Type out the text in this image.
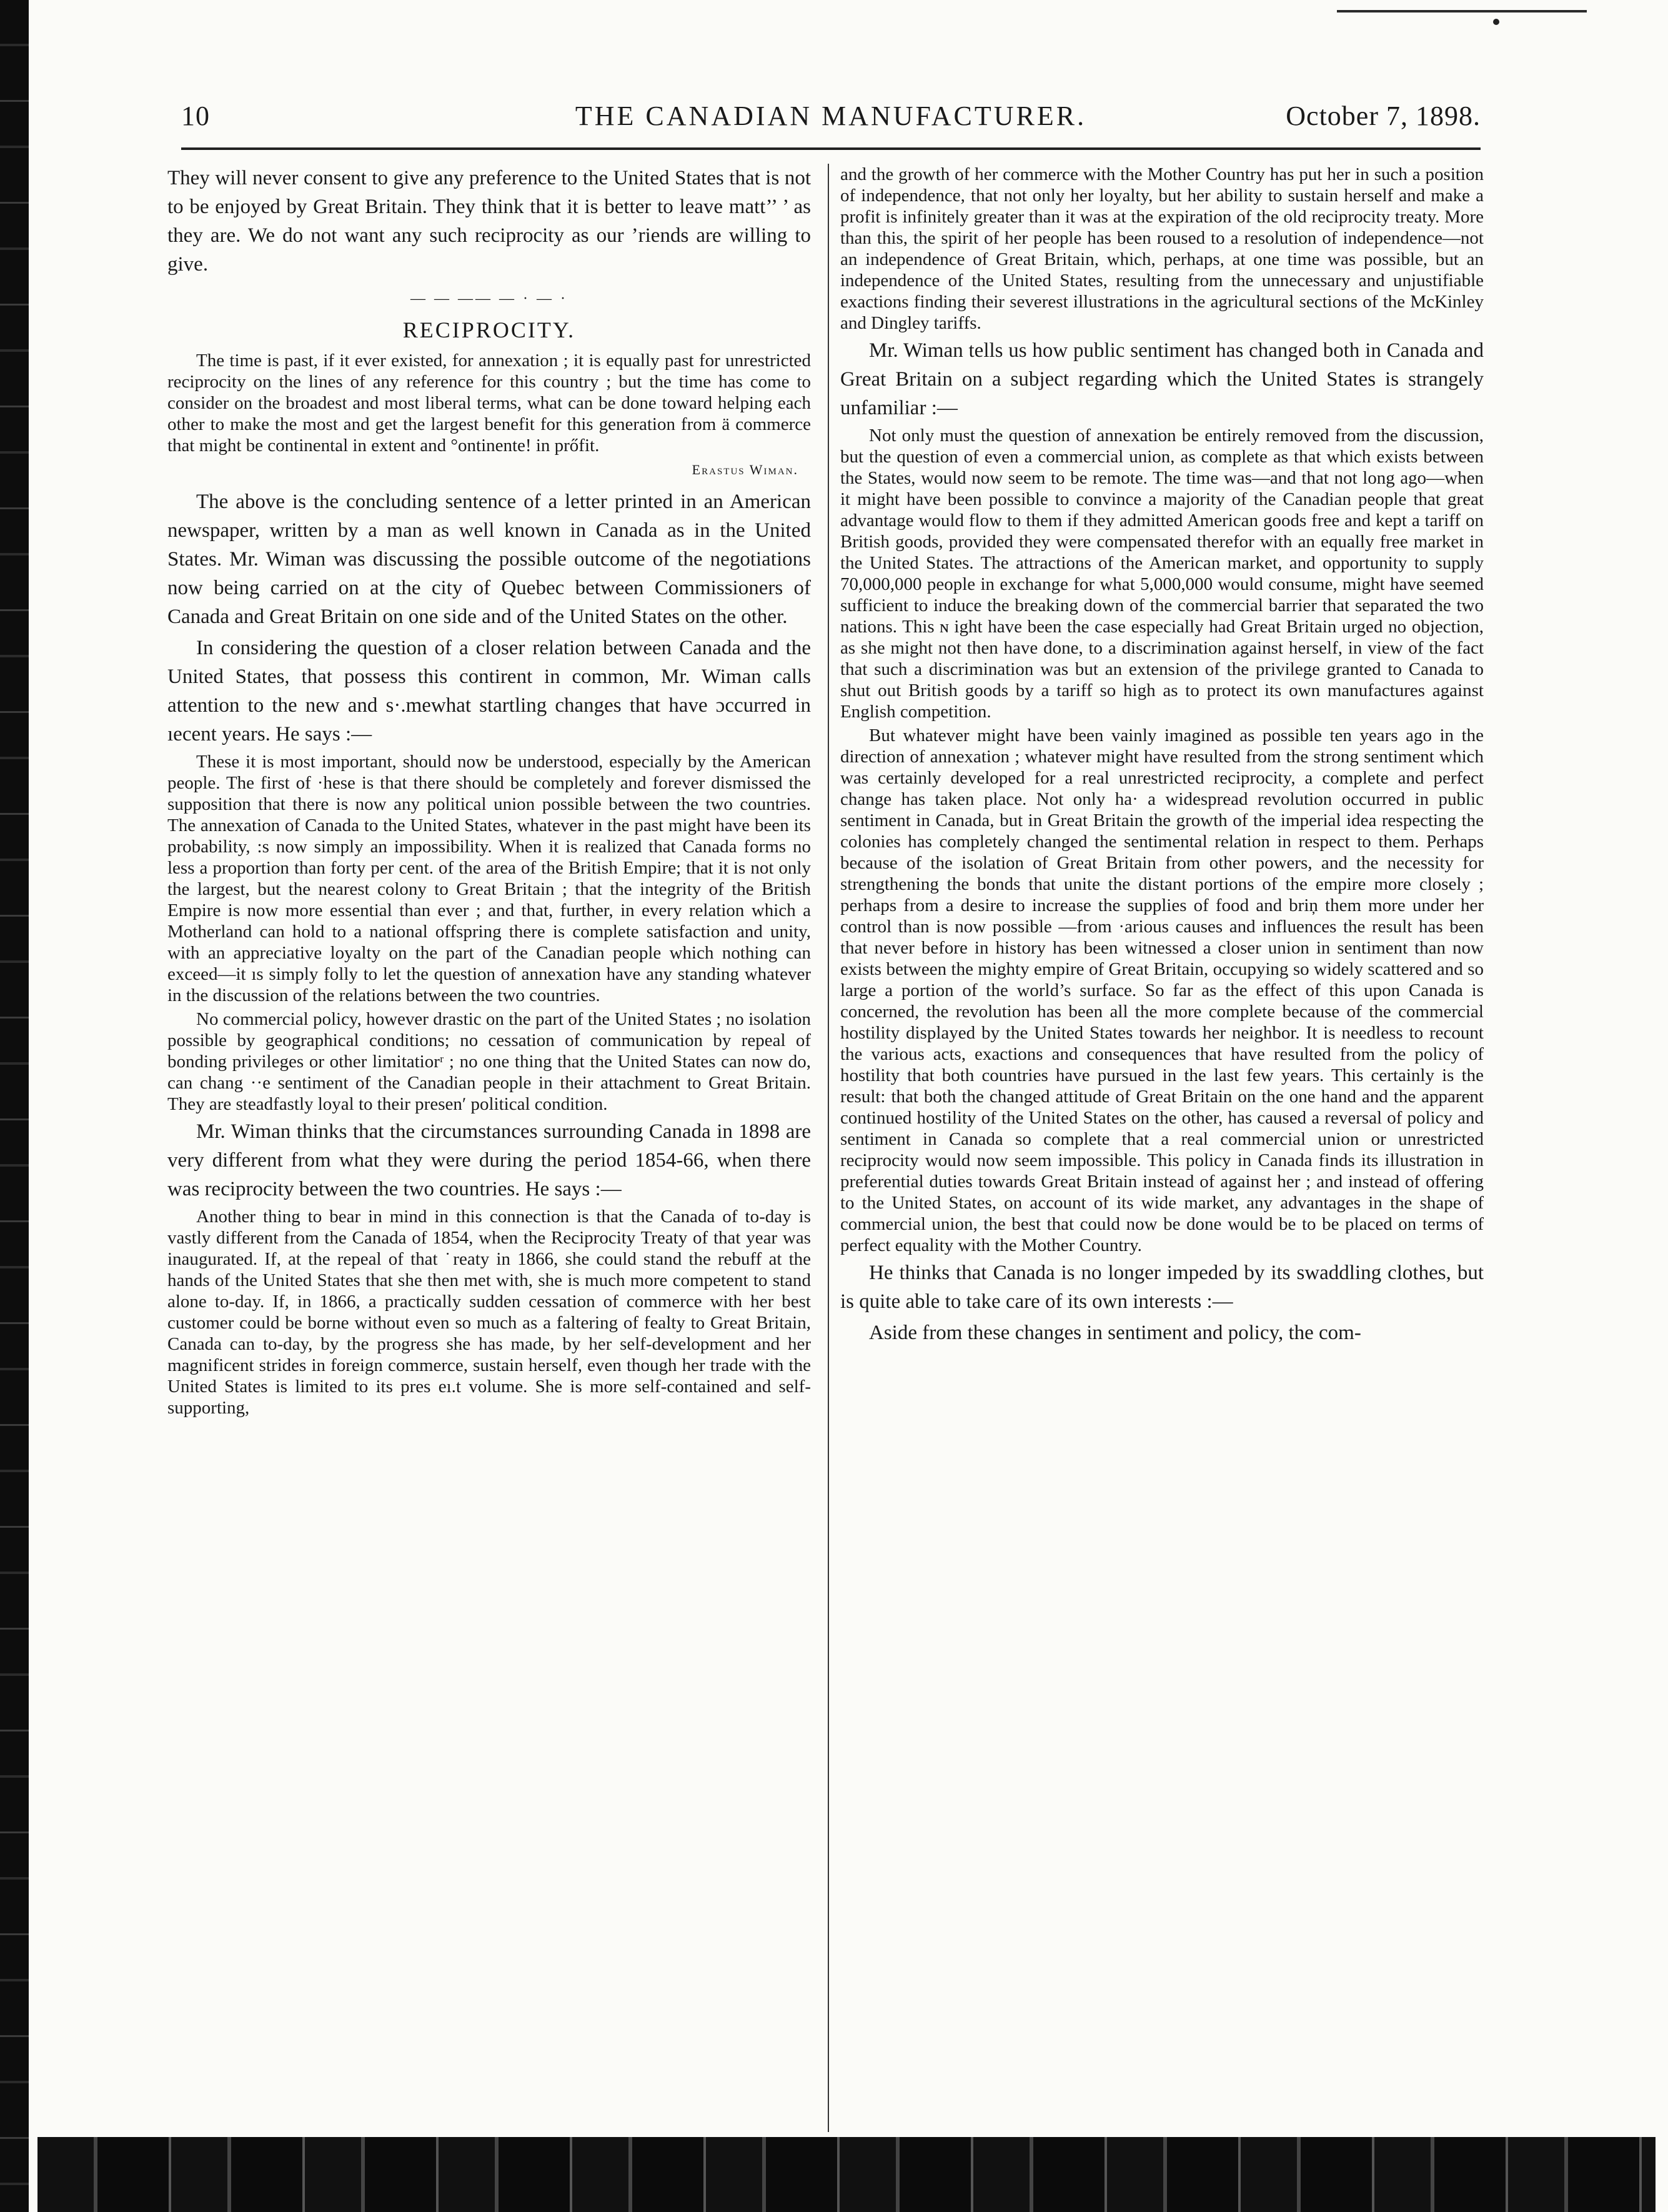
10	THE CANADIAN MANUFACTURER.	October 7, 1898.

They will never consent to give any preference to the United States that is not to be enjoyed by Great Britain. They think that it is better to leave matt’’ ’ as they are. We do not want any such reciprocity as our ’riends are willing to give.

— — —— — · — ·
RECIPROCITY.

The time is past, if it ever existed, for annexation ; it is equally past for unrestricted reciprocity on the lines of any reference for this country ; but the time has come to consider on the broadest and most liberal terms, what can be done toward helping each other to make the most and get the largest benefit for this generation from ä commerce that might be continental in extent and °ontinente! in prőfit.

Erastus Wiman.

The above is the concluding sentence of a letter printed in an American newspaper, written by a man as well known in Canada as in the United States. Mr. Wiman was discussing the possible outcome of the negotiations now being carried on at the city of Quebec between Commissioners of Canada and Great Britain on one side and of the United States on the other.

In considering the question of a closer relation between Canada and the United States, that possess this contirent in common, Mr. Wiman calls attention to the new and s·.mewhat startling changes that have ɔccurred in ıecent years. He says :—

These it is most important, should now be understood, especially by the American people. The first of ·hese is that there should be completely and forever dismissed the supposition that there is now any political union possible between the two countries. The annexation of Canada to the United States, whatever in the past might have been its probability, :s now simply an impossibility. When it is realized that Canada forms no less a proportion than forty per cent. of the area of the British Empire; that it is not only the largest, but the nearest colony to Great Britain ; that the integrity of the British Empire is now more essential than ever ; and that, further, in every relation which a Motherland can hold to a national offspring there is complete satisfaction and unity, with an appreciative loyalty on the part of the Canadian people which nothing can exceed—it ıs simply folly to let the question of annexation have any standing whatever in the discussion of the relations between the two countries.

No commercial policy, however drastic on the part of the United States ; no isolation possible by geographical conditions; no cessation of communication by repeal of bonding privileges or other limitatiorʳ ; no one thing that the United States can now do, can chang ··e sentiment of the Canadian people in their attachment to Great Britain. They are steadfastly loyal to their presenʹ political condition.

Mr. Wiman thinks that the circumstances surrounding Canada in 1898 are very different from what they were during the period 1854-66, when there was reciprocity between the two countries. He says :—

Another thing to bear in mind in this connection is that the Canada of to-day is vastly different from the Canada of 1854, when the Reciprocity Treaty of that year was inaugurated. If, at the repeal of that ˙reaty in 1866, she could stand the rebuff at the hands of the United States that she then met with, she is much more competent to stand alone to-day. If, in 1866, a practically sudden cessation of commerce with her best customer could be borne without even so much as a faltering of fealty to Great Britain, Canada can to-day, by the progress she has made, by her self-development and her magnificent strides in foreign commerce, sustain herself, even though her trade with the United States is limited to its pres eı.t volume. She is more self-contained and self-supporting,

and the growth of her commerce with the Mother Country has put her in such a position of independence, that not only her loyalty, but her ability to sustain herself and make a profit is infinitely greater than it was at the expiration of the old reciprocity treaty. More than this, the spirit of her people has been roused to a resolution of independence—not an independence of Great Britain, which, perhaps, at one time was possible, but an independence of the United States, resulting from the unnecessary and unjustifiable exactions finding their severest illustrations in the agricultural sections of the McKinley and Dingley tariffs.

Mr. Wiman tells us how public sentiment has changed both in Canada and Great Britain on a subject regarding which the United States is strangely unfamiliar :—

Not only must the question of annexation be entirely removed from the discussion, but the question of even a commercial union, as complete as that which exists between the States, would now seem to be remote. The time was—and that not long ago—when it might have been possible to convince a majority of the Canadian people that great advantage would flow to them if they admitted American goods free and kept a tariff on British goods, provided they were compensated therefor with an equally free market in the United States. The attractions of the American market, and opportunity to supply 70,000,000 people in exchange for what 5,000,000 would consume, might have seemed sufficient to induce the breaking down of the commercial barrier that separated the two nations. This ɴ ight have been the case especially had Great Britain urged no objection, as she might not then have done, to a discrimination against herself, in view of the fact that such a discrimination was but an extension of the privilege granted to Canada to shut out British goods by a tariff so high as to protect its own manufactures against English competition.

But whatever might have been vainly imagined as possible ten years ago in the direction of annexation ; whatever might have resulted from the strong sentiment which was certainly developed for a real unrestricted reciprocity, a complete and perfect change has taken place. Not only ha· a widespread revolution occurred in public sentiment in Canada, but in Great Britain the growth of the imperial idea respecting the colonies has completely changed the sentimental relation in respect to them. Perhaps because of the isolation of Great Britain from other powers, and the necessity for strengthening the bonds that unite the distant portions of the empire more closely ; perhaps from a desire to increase the supplies of food and briņ them more under her control than is now possible —from ·arious causes and influences the result has been that never before in history has been witnessed a closer union in sentiment than now exists between the mighty empire of Great Britain, occupying so widely scattered and so large a portion of the world’s surface. So far as the effect of this upon Canada is concerned, the revolution has been all the more complete because of the commercial hostility displayed by the United States towards her neighbor. It is needless to recount the various acts, exactions and consequences that have resulted from the policy of hostility that both countries have pursued in the last few years. This certainly is the result: that both the changed attitude of Great Britain on the one hand and the apparent continued hostility of the United States on the other, has caused a reversal of policy and sentiment in Canada so complete that a real commercial union or unrestricted reciprocity would now seem impossible. This policy in Canada finds its illustration in preferential duties towards Great Britain instead of against her ; and instead of offering to the United States, on account of its wide market, any advantages in the shape of commercial union, the best that could now be done would be to be placed on terms of perfect equality with the Mother Country.

He thinks that Canada is no longer impeded by its swaddling clothes, but is quite able to take care of its own interests :—

Aside from these changes in sentiment and policy, the com-
